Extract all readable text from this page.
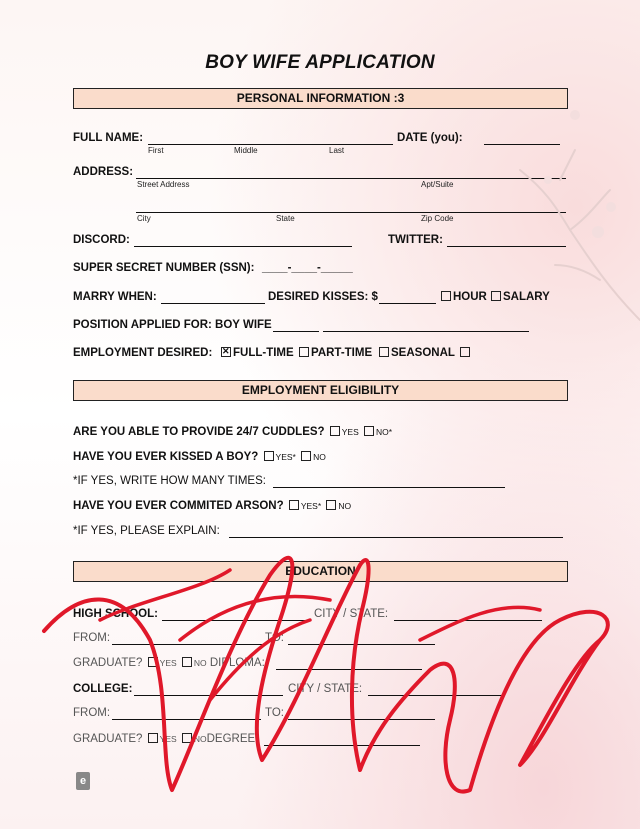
BOY WIFE APPLICATION
PERSONAL INFORMATION :3
FULL NAME:
First	Middle	Last
DATE (you):
ADDRESS:
Street Address	Apt/Suite
City	State	Zip Code
DISCORD:	TWITTER:
SUPER SECRET NUMBER (SSN): ____-____-_____
MARRY WHEN:	DESIRED KISSES: $	HOUR	SALARY
POSITION APPLIED FOR: BOY WIFE
EMPLOYMENT DESIRED:
✕	FULL-TIME	PART-TIME	SEASONAL
EMPLOYMENT ELIGIBILITY
ARE YOU ABLE TO PROVIDE 24/7 CUDDLES? YES NO*
HAVE YOU EVER KISSED A BOY? YES* NO
*IF YES, WRITE HOW MANY TIMES:
HAVE YOU EVER COMMITED ARSON? YES* NO
*IF YES, PLEASE EXPLAIN:
EDUCATION
HIGH SCHOOL:	CITY / STATE:
FROM:	TO:
GRADUATE? YES NO DIPLOMA:
COLLEGE:	CITY / STATE:
FROM:	TO:
GRADUATE? YES NODEGREE:
e
